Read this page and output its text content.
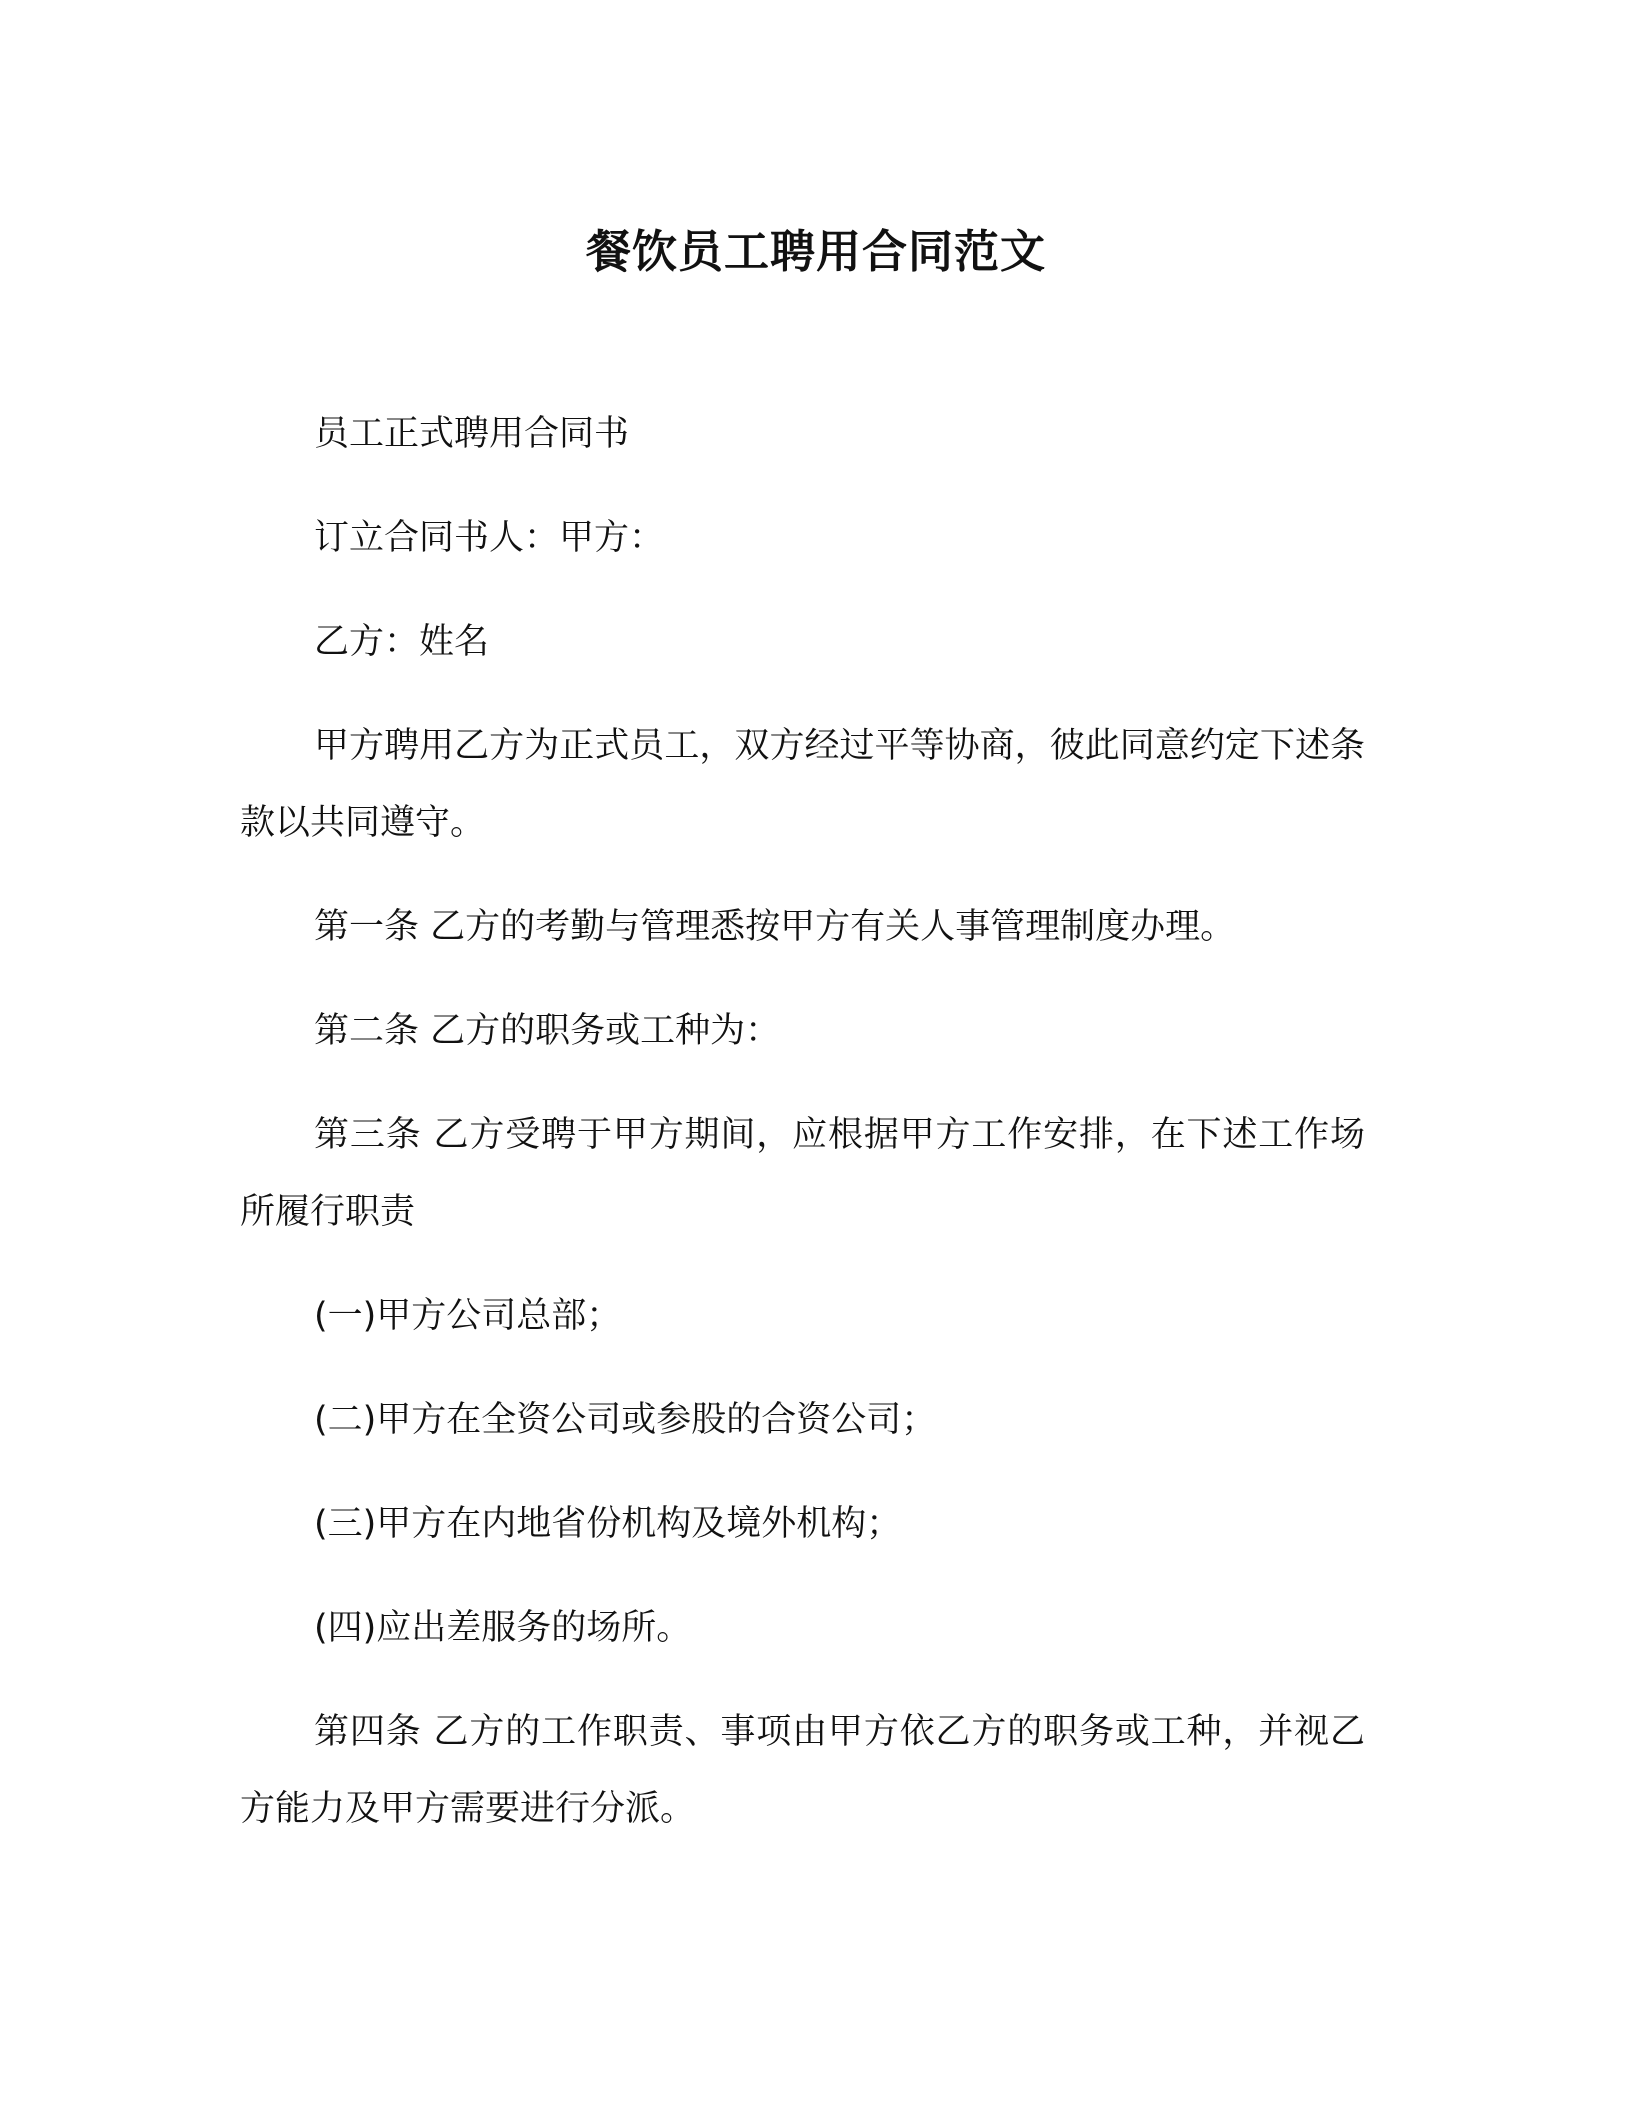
餐饮员工聘用合同范文

员工正式聘用合同书

订立合同书人：甲方：

乙方：姓名

甲方聘用乙方为正式员工，双方经过平等协商，彼此同意约定下述条款以共同遵守。

第一条 乙方的考勤与管理悉按甲方有关人事管理制度办理。

第二条 乙方的职务或工种为：

第三条 乙方受聘于甲方期间，应根据甲方工作安排，在下述工作场所履行职责

(一)甲方公司总部；

(二)甲方在全资公司或参股的合资公司；

(三)甲方在内地省份机构及境外机构；

(四)应出差服务的场所。

第四条 乙方的工作职责、事项由甲方依乙方的职务或工种，并视乙方能力及甲方需要进行分派。
